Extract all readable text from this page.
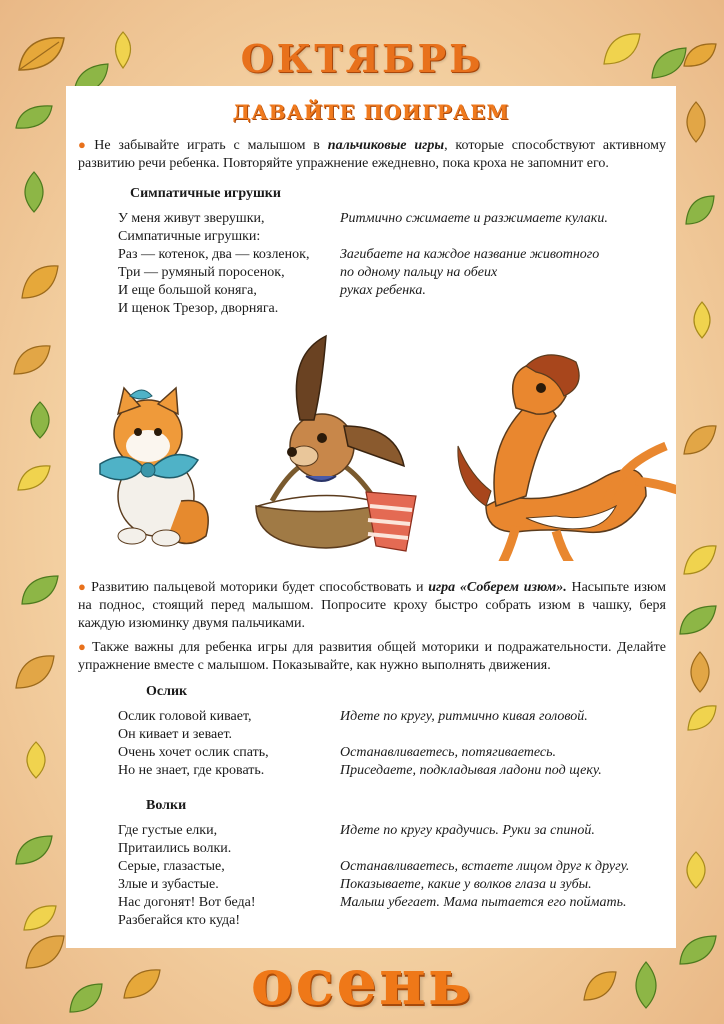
ОКТЯБРЬ
ДАВАЙТЕ ПОИГРАЕМ
● Не забывайте играть с малышом в пальчиковые игры, которые способствуют активному развитию речи ребенка. Повторяйте упражнение ежедневно, пока кроха не запомнит его.
Симпатичные игрушки
У меня живут зверушки,
Симпатичные игрушки:
Раз — котенок, два — козленок,
Три — румяный поросенок,
И еще большой коняга,
И щенок Трезор, дворняга.
Ритмично сжимаете и разжимаете кулаки.
Загибаете на каждое название животного
по одному пальцу на обеих
руках ребенка.
● Развитию пальцевой моторики будет способствовать и игра «Соберем изюм». Насыпьте изюм на поднос, стоящий перед малышом. Попросите кроху быстро собрать изюм в чашку, беря каждую изюминку двумя пальчиками.
● Также важны для ребенка игры для развития общей моторики и подражательности. Делайте упражнение вместе с малышом. Показывайте, как нужно выполнять движения.
Ослик
Ослик головой кивает,
Он кивает и зевает.
Очень хочет ослик спать,
Но не знает, где кровать.
Идете по кругу, ритмично кивая головой.
Останавливаетесь, потягиваетесь.
Приседаете, подкладывая ладони под щеку.
Волки
Где густые елки,
Притаились волки.
Серые, глазастые,
Злые и зубастые.
Нас догонят! Вот беда!
Разбегайся кто куда!
Идете по кругу крадучись. Руки за спиной.
Останавливаетесь, встаете лицом друг к другу.
Показываете, какие у волков глаза и зубы.
Малыш убегает. Мама пытается его поймать.
осень
